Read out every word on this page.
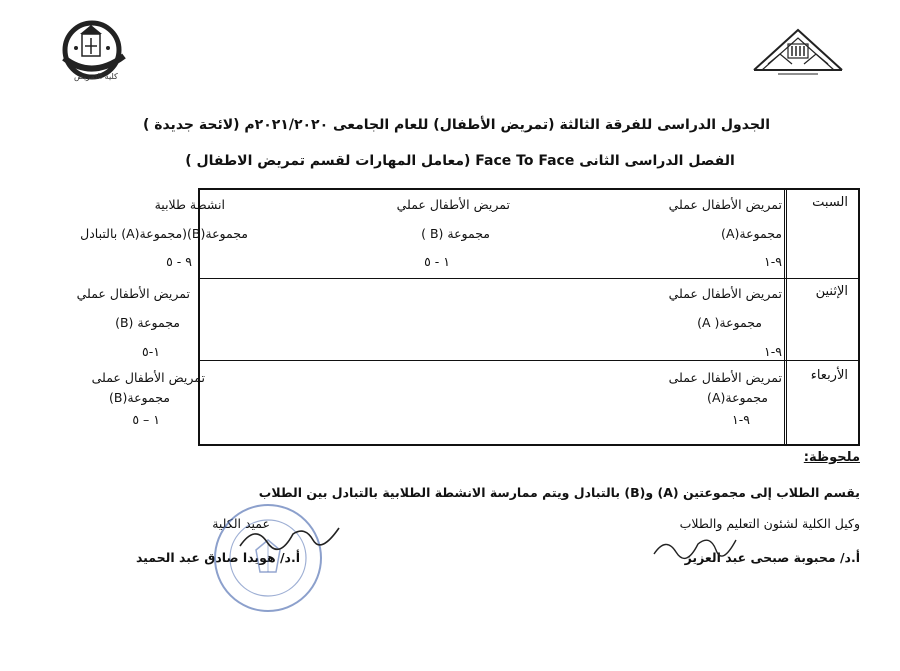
كلية التمريض
الجدول الدراسى للفرقة الثالثة (تمريض الأطفال) للعام الجامعى ٢٠٢١/٢٠٢٠م (لائحة جديدة )
الفصل الدراسى الثانى Face To Face (معامل المهارات لقسم تمريض الاطفال )
السبت
تمريض الأطفال عملي
مجموعة(A)
٩-١
تمريض الأطفال عملي
مجموعة (B )
١ - ٥
انشطة طلابية
مجموعة(B)(مجموعة(A) بالتبادل
٩ - ٥
الإثنين
تمريض الأطفال عملي
مجموعة( A)
٩-١
تمريض الأطفال عملي
مجموعة (B)
١-٥
الأربعاء
تمريض الأطفال عملى
مجموعة(A)
٩-١
تمريض الأطفال عملى
مجموعة(B)
١ – ٥
ملحوظة:
يقسم الطلاب إلى مجموعتين (A) و(B) بالتبادل ويتم ممارسة الانشطة الطلابية بالتبادل بين الطلاب
وكيل الكلية لشئون التعليم والطلاب
أ.د/ محبوبة صبحى عبد العزيز
عميد الكلية
أ.د/ هويدا صادق عبد الحميد
